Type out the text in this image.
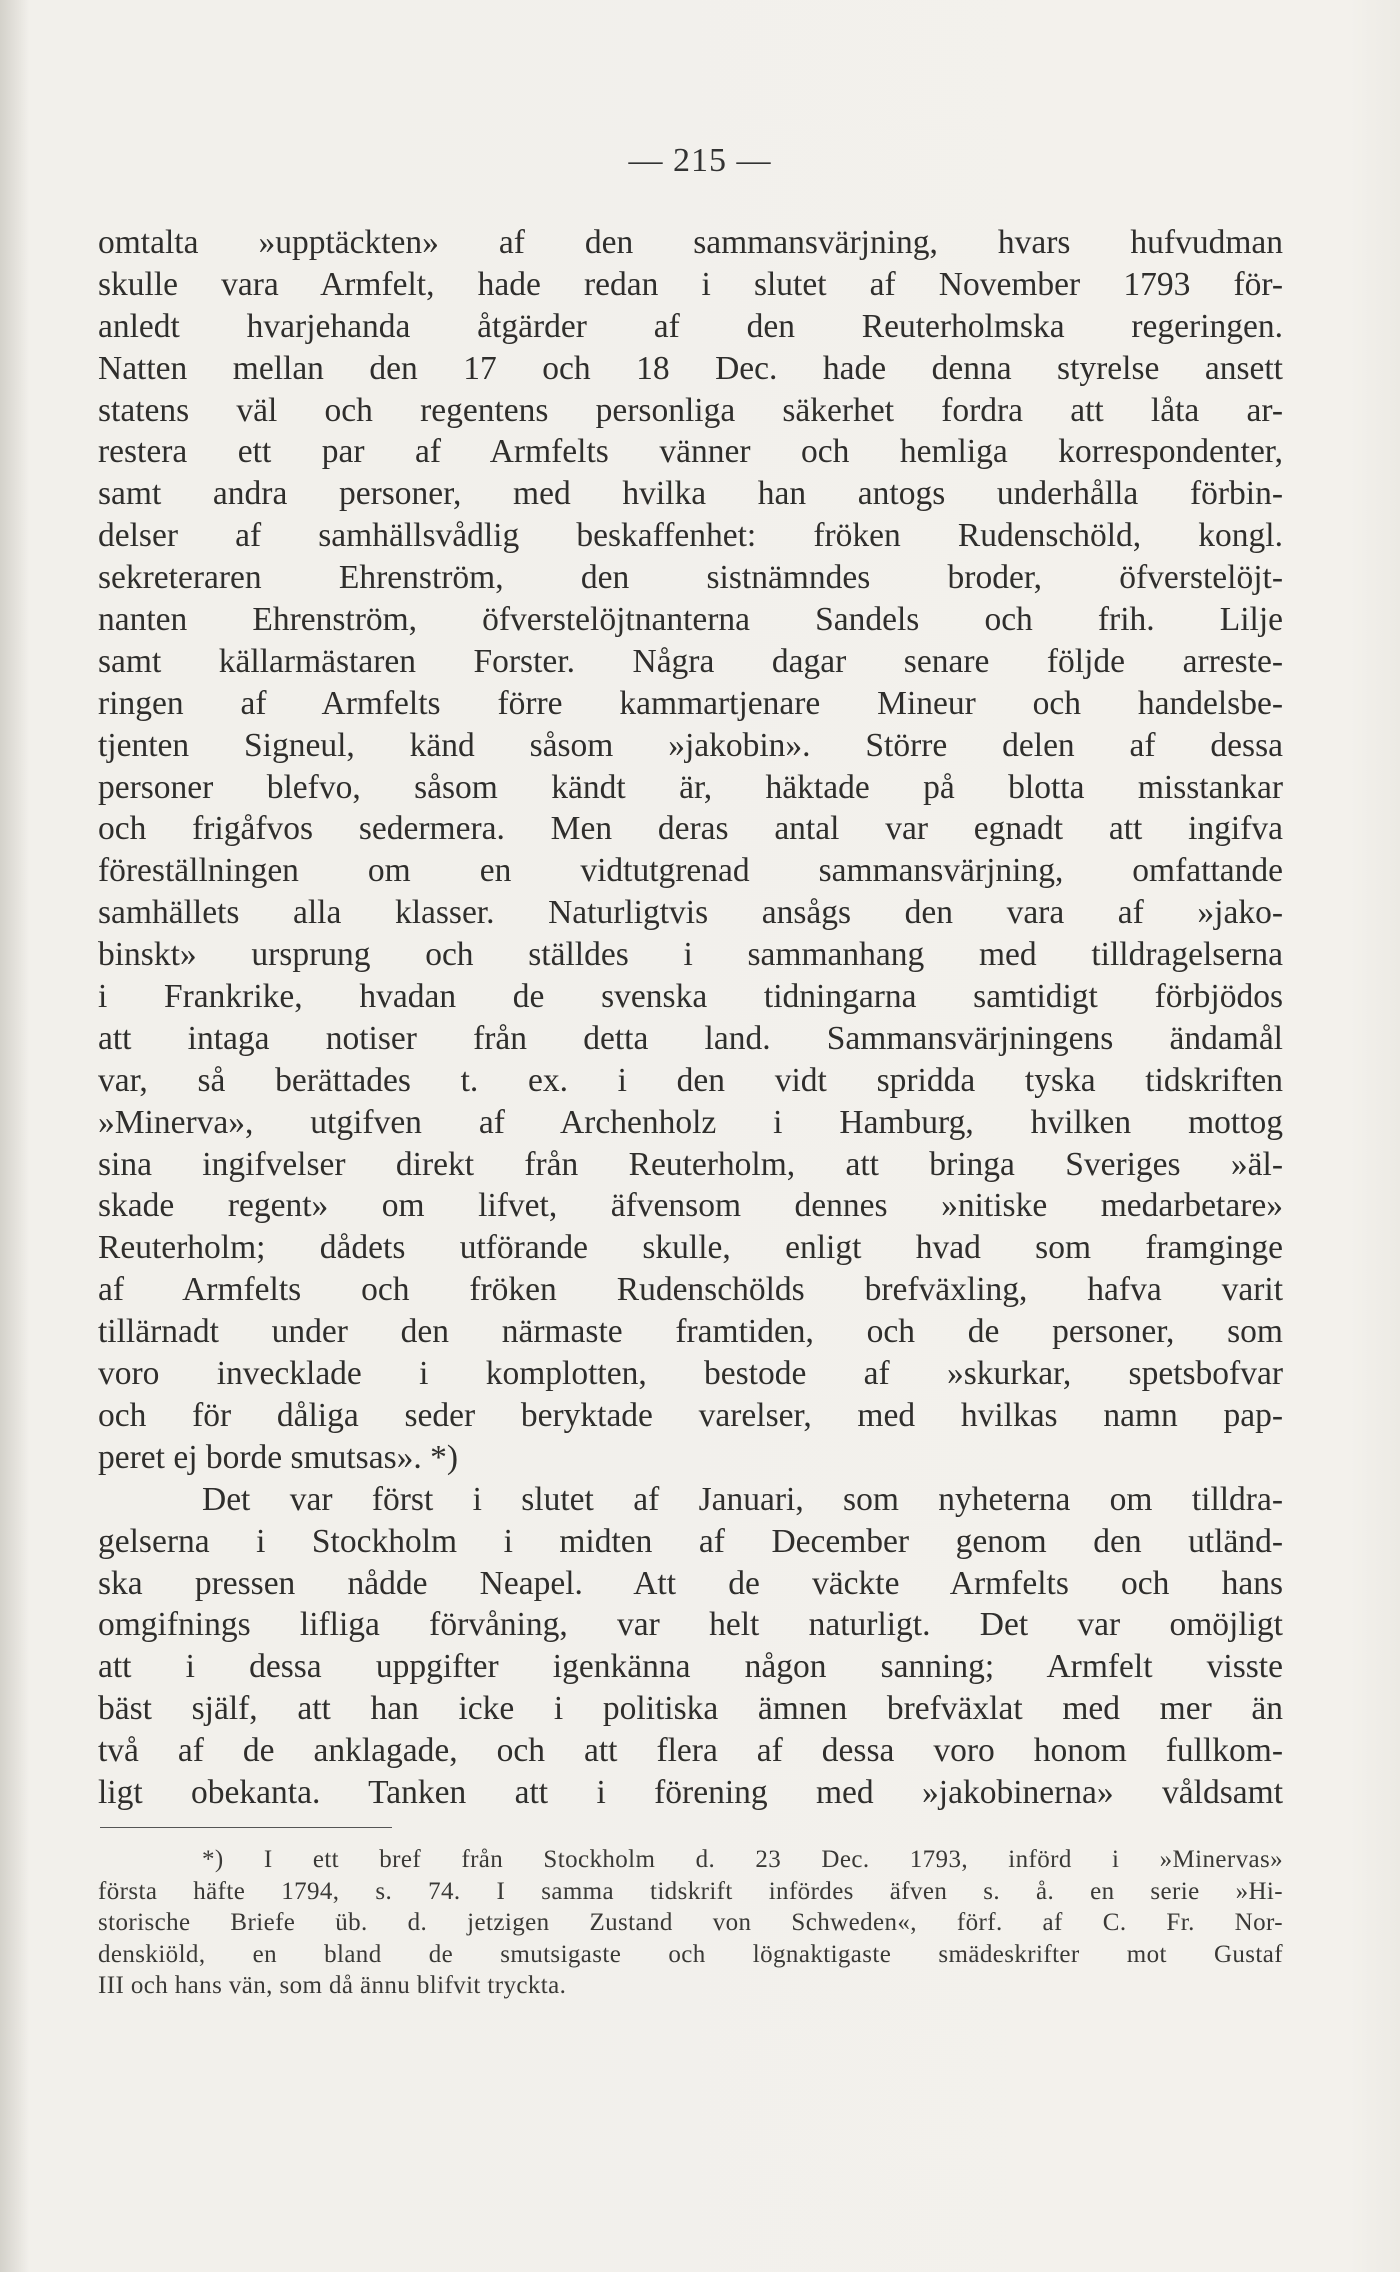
— 215 —
omtalta »upptäckten» af den sammansvärjning, hvars hufvudman
skulle vara Armfelt, hade redan i slutet af November 1793 för-
anledt hvarjehanda åtgärder af den Reuterholmska regeringen.
Natten mellan den 17 och 18 Dec. hade denna styrelse ansett
statens väl och regentens personliga säkerhet fordra att låta ar-
restera ett par af Armfelts vänner och hemliga korrespondenter,
samt andra personer, med hvilka han antogs underhålla förbin-
delser af samhällsvådlig beskaffenhet: fröken Rudenschöld, kongl.
sekreteraren Ehrenström, den sistnämndes broder, öfverstelöjt-
nanten Ehrenström, öfverstelöjtnanterna Sandels och frih. Lilje
samt källarmästaren Forster. Några dagar senare följde arreste-
ringen af Armfelts förre kammartjenare Mineur och handelsbe-
tjenten Signeul, känd såsom »jakobin». Större delen af dessa
personer blefvo, såsom kändt är, häktade på blotta misstankar
och frigåfvos sedermera. Men deras antal var egnadt att ingifva
föreställningen om en vidtutgrenad sammansvärjning, omfattande
samhällets alla klasser. Naturligtvis ansågs den vara af »jako-
binskt» ursprung och ställdes i sammanhang med tilldragelserna
i Frankrike, hvadan de svenska tidningarna samtidigt förbjödos
att intaga notiser från detta land. Sammansvärjningens ändamål
var, så berättades t. ex. i den vidt spridda tyska tidskriften
»Minerva», utgifven af Archenholz i Hamburg, hvilken mottog
sina ingifvelser direkt från Reuterholm, att bringa Sveriges »äl-
skade regent» om lifvet, äfvensom dennes »nitiske medarbetare»
Reuterholm; dådets utförande skulle, enligt hvad som framginge
af Armfelts och fröken Rudenschölds brefväxling, hafva varit
tillärnadt under den närmaste framtiden, och de personer, som
voro invecklade i komplotten, bestode af »skurkar, spetsbofvar
och för dåliga seder beryktade varelser, med hvilkas namn pap-
peret ej borde smutsas». *)
Det var först i slutet af Januari, som nyheterna om tilldra-
gelserna i Stockholm i midten af December genom den utländ-
ska pressen nådde Neapel. Att de väckte Armfelts och hans
omgifnings lifliga förvåning, var helt naturligt. Det var omöjligt
att i dessa uppgifter igenkänna någon sanning; Armfelt visste
bäst själf, att han icke i politiska ämnen brefväxlat med mer än
två af de anklagade, och att flera af dessa voro honom fullkom-
ligt obekanta. Tanken att i förening med »jakobinerna» våldsamt
*) I ett bref från Stockholm d. 23 Dec. 1793, införd i »Minervas»
första häfte 1794, s. 74. I samma tidskrift infördes äfven s. å. en serie »Hi-
storische Briefe üb. d. jetzigen Zustand von Schweden«, förf. af C. Fr. Nor-
denskiöld, en bland de smutsigaste och lögnaktigaste smädeskrifter mot Gustaf
III och hans vän, som då ännu blifvit tryckta.
